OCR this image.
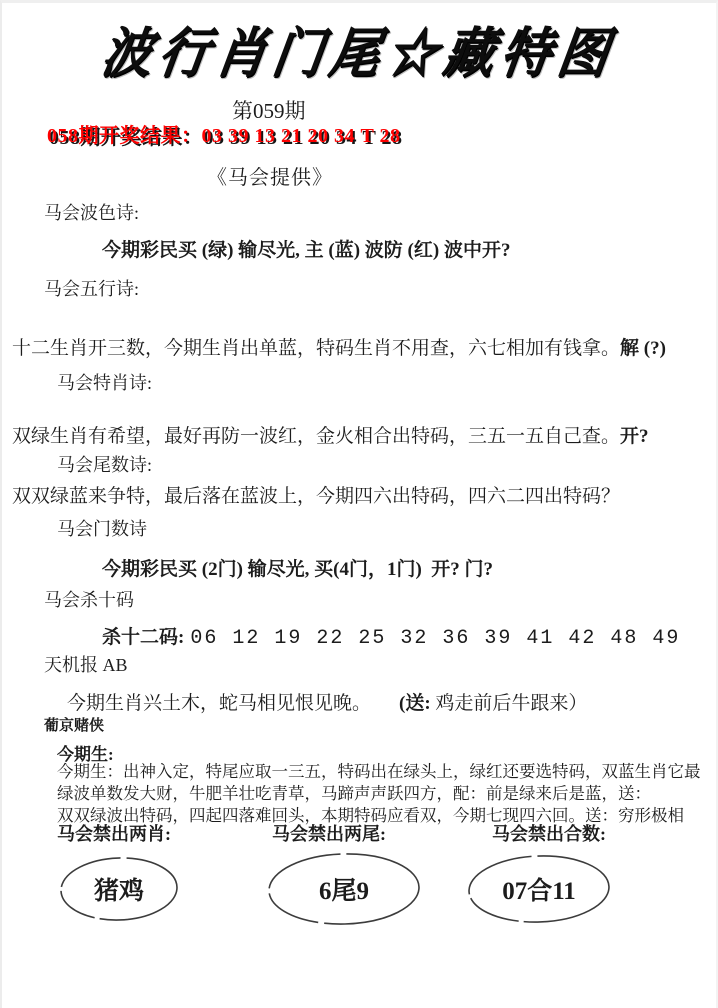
波行肖门尾☆藏特图
第059期
058期开奖结果：03 39 13 21 20 34 T 28
《马会提供》
马会波色诗:
今期彩民买 (绿) 输尽光, 主 (蓝) 波防 (红) 波中开?
马会五行诗:
十二生肖开三数，今期生肖出单蓝，特码生肖不用查，六七相加有钱拿。解 (?)
马会特肖诗:
双绿生肖有希望，最好再防一波红，金火相合出特码，三五一五自己查。开?
马会尾数诗:
双双绿蓝来争特，最后落在蓝波上，今期四六出特码，四六二四出特码？
马会门数诗
今期彩民买 (2门) 输尽光, 买(4门，1门)  开? 门?
马会杀十码
杀十二码: 06 12 19 22 25 32 36 39 41 42 48 49
天机报 AB
今期生肖兴土木，蛇马相见恨见晚。 (送: 鸡走前后牛跟来）
葡京赌侠
今期生:
今期生：出神入定，特尾应取一三五，特码出在绿头上，绿红还要选特码，双蓝生肖它最
绿波单数发大财，牛肥羊壮吃青草，马蹄声声跃四方，配：前是绿来后是蓝，送：
双双绿波出特码，四起四落难回头，本期特码应看双，今期七现四六回。送：穷形极相
马会禁出两肖:	马会禁出两尾:	马会禁出合数:
猪鸡	6尾9	07合11
